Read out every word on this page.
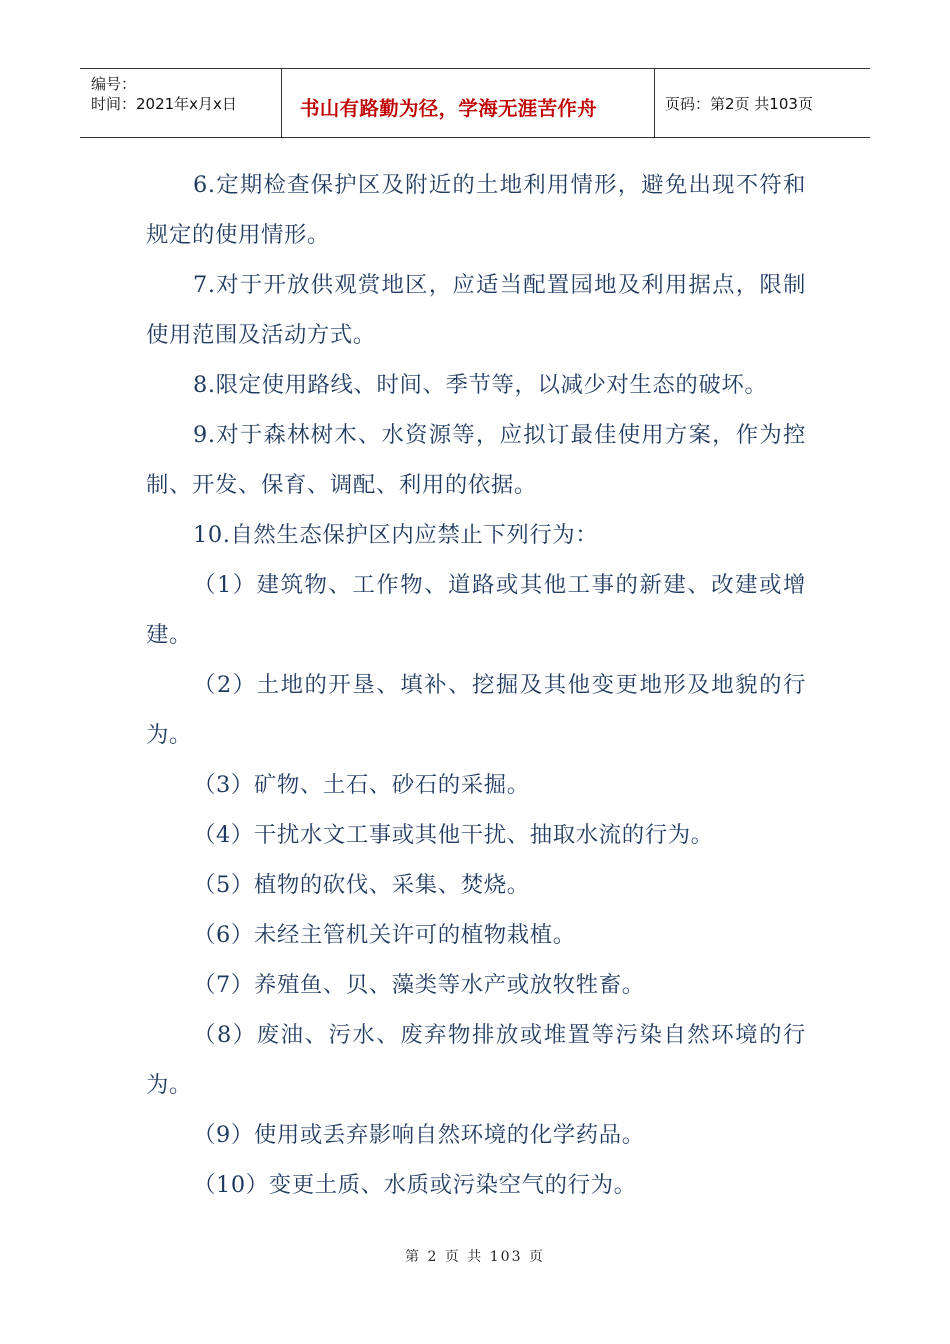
编号：
时间：2021年x月x日	书山有路勤为径，学海无涯苦作舟	页码：第2页 共103页

6.定期检查保护区及附近的土地利用情形，避免出现不符和规定的使用情形。

7.对于开放供观赏地区，应适当配置园地及利用据点，限制使用范围及活动方式。

8.限定使用路线、时间、季节等，以减少对生态的破坏。

9.对于森林树木、水资源等，应拟订最佳使用方案，作为控制、开发、保育、调配、利用的依据。

10.自然生态保护区内应禁止下列行为：

（1）建筑物、工作物、道路或其他工事的新建、改建或增建。

（2）土地的开垦、填补、挖掘及其他变更地形及地貌的行为。

（3）矿物、土石、砂石的采掘。

（4）干扰水文工事或其他干扰、抽取水流的行为。

（5）植物的砍伐、采集、焚烧。

（6）未经主管机关许可的植物栽植。

（7）养殖鱼、贝、藻类等水产或放牧牲畜。

（8）废油、污水、废弃物排放或堆置等污染自然环境的行为。

（9）使用或丢弃影响自然环境的化学药品。

（10）变更土质、水质或污染空气的行为。

第 2 页 共 103 页
